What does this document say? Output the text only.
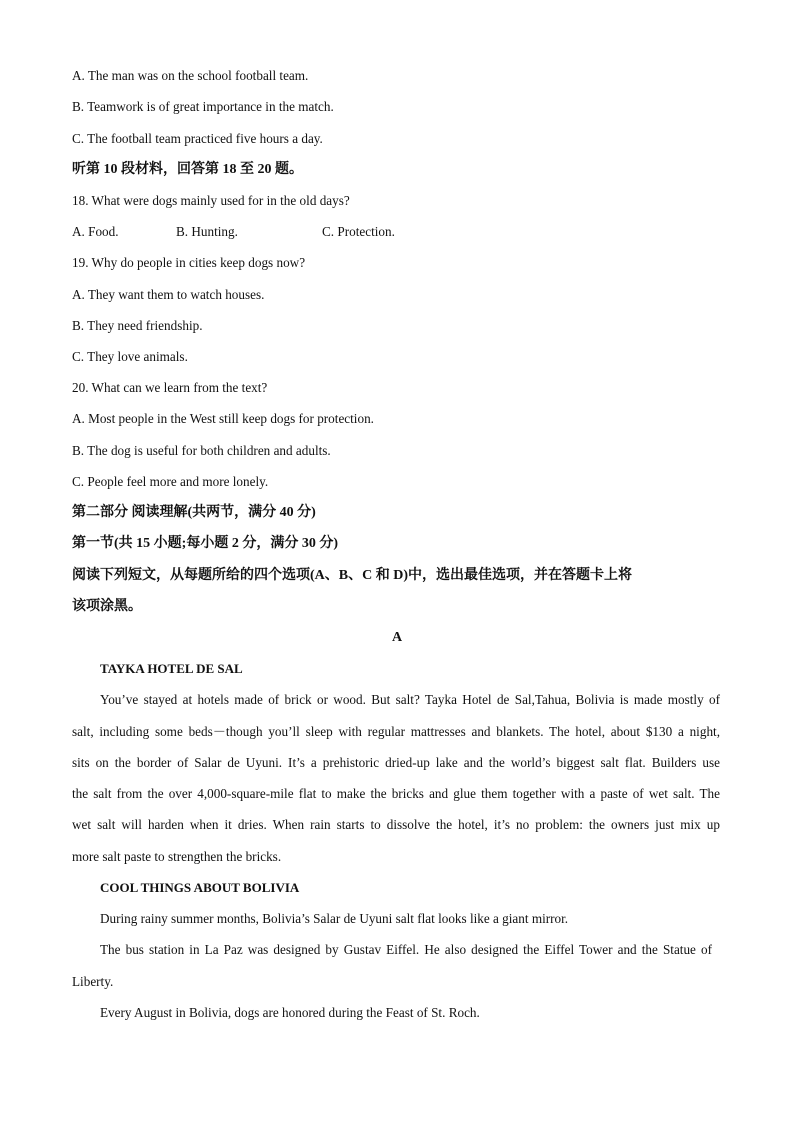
A. The man was on the school football team.
B. Teamwork is of great importance in the match.
C. The football team practiced five hours a day.
听第 10 段材料，回答第 18 至 20 题。
18. What were dogs mainly used for in the old days?
A. Food.	B. Hunting.	C. Protection.
19. Why do people in cities keep dogs now?
A. They want them to watch houses.
B. They need friendship.
C. They love animals.
20. What can we learn from the text?
A. Most people in the West still keep dogs for protection.
B. The dog is useful for both children and adults.
C. People feel more and more lonely.
第二部分 阅读理解(共两节，满分 40 分)
第一节(共 15 小题;每小题 2 分，满分 30 分)
阅读下列短文，从每题所给的四个选项(A、B、C 和 D)中，选出最佳选项，并在答题卡上将
该项涂黑。
A
TAYKA HOTEL DE SAL
You’ve stayed at hotels made of brick or wood. But salt? Tayka Hotel de Sal,Tahua, Bolivia is made mostly of
salt, including some beds－though you’ll sleep with regular mattresses and blankets. The hotel, about $130 a night,
sits on the border of Salar de Uyuni. It’s a prehistoric dried-up lake and the world’s biggest salt flat. Builders use
the salt from the over 4,000-square-mile flat to make the bricks and glue them together with a paste of wet salt. The
wet salt will harden when it dries. When rain starts to dissolve the hotel, it’s no problem: the owners just mix up
more salt paste to strengthen the bricks.
COOL THINGS ABOUT BOLIVIA
During rainy summer months, Bolivia’s Salar de Uyuni salt flat looks like a giant mirror.
The bus station in La Paz was designed by Gustav Eiffel. He also designed the Eiffel Tower and the Statue of
Liberty.
Every August in Bolivia, dogs are honored during the Feast of St. Roch.
